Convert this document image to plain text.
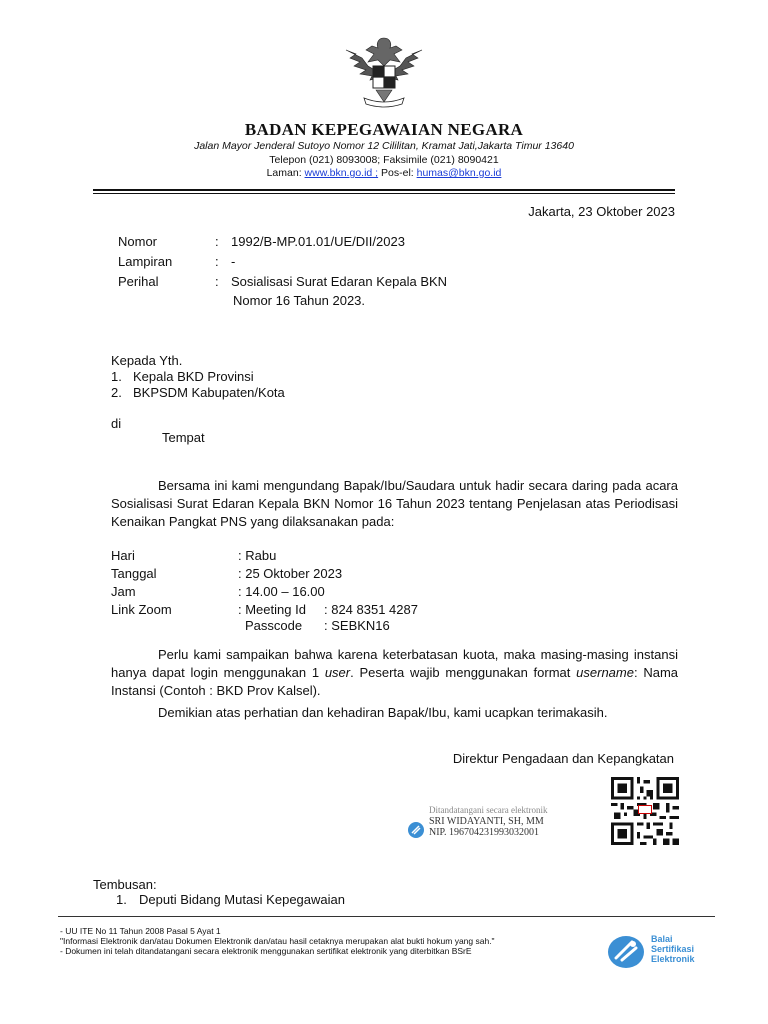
BADAN KEPEGAWAIAN NEGARA
Jalan Mayor Jenderal Sutoyo Nomor 12 Cililitan, Kramat Jati,Jakarta Timur 13640
Telepon (021) 8093008; Faksimile (021) 8090421
Laman: www.bkn.go.id ; Pos-el: humas@bkn.go.id
Jakarta, 23 Oktober 2023
Nomor	: 1992/B-MP.01.01/UE/DII/2023
Lampiran	: -
Perihal	: Sosialisasi Surat Edaran Kepala BKN
Nomor 16 Tahun 2023.
Kepada Yth.
1. Kepala BKD Provinsi
2. BKPSDM Kabupaten/Kota
di
Tempat
Bersama ini kami mengundang Bapak/Ibu/Saudara untuk hadir secara daring pada acara Sosialisasi Surat Edaran Kepala BKN Nomor 16 Tahun 2023 tentang Penjelasan atas Periodisasi Kenaikan Pangkat PNS yang dilaksanakan pada:
Hari	: Rabu
Tanggal	: 25 Oktober 2023
Jam	: 14.00 – 16.00
Link Zoom	: Meeting Id : 824 8351 4287
Passcode : SEBKN16
Perlu kami sampaikan bahwa karena keterbatasan kuota, maka masing-masing instansi hanya dapat login menggunakan 1 user. Peserta wajib menggunakan format username: Nama Instansi (Contoh : BKD Prov Kalsel).
Demikian atas perhatian dan kehadiran Bapak/Ibu, kami ucapkan terimakasih.
Direktur Pengadaan dan Kepangkatan
Ditandatangani secara elektronik
SRI WIDAYANTI, SH, MM
NIP. 196704231993032001
Tembusan:
1. Deputi Bidang Mutasi Kepegawaian
- UU ITE No 11 Tahun 2008 Pasal 5 Ayat 1
"Informasi Elektronik dan/atau Dokumen Elektronik dan/atau hasil cetaknya merupakan alat bukti hokum yang sah."
- Dokumen ini telah ditandatangani secara elektronik menggunakan sertifikat elektronik yang diterbitkan BSrE
Balai
Sertifikasi
Elektronik
